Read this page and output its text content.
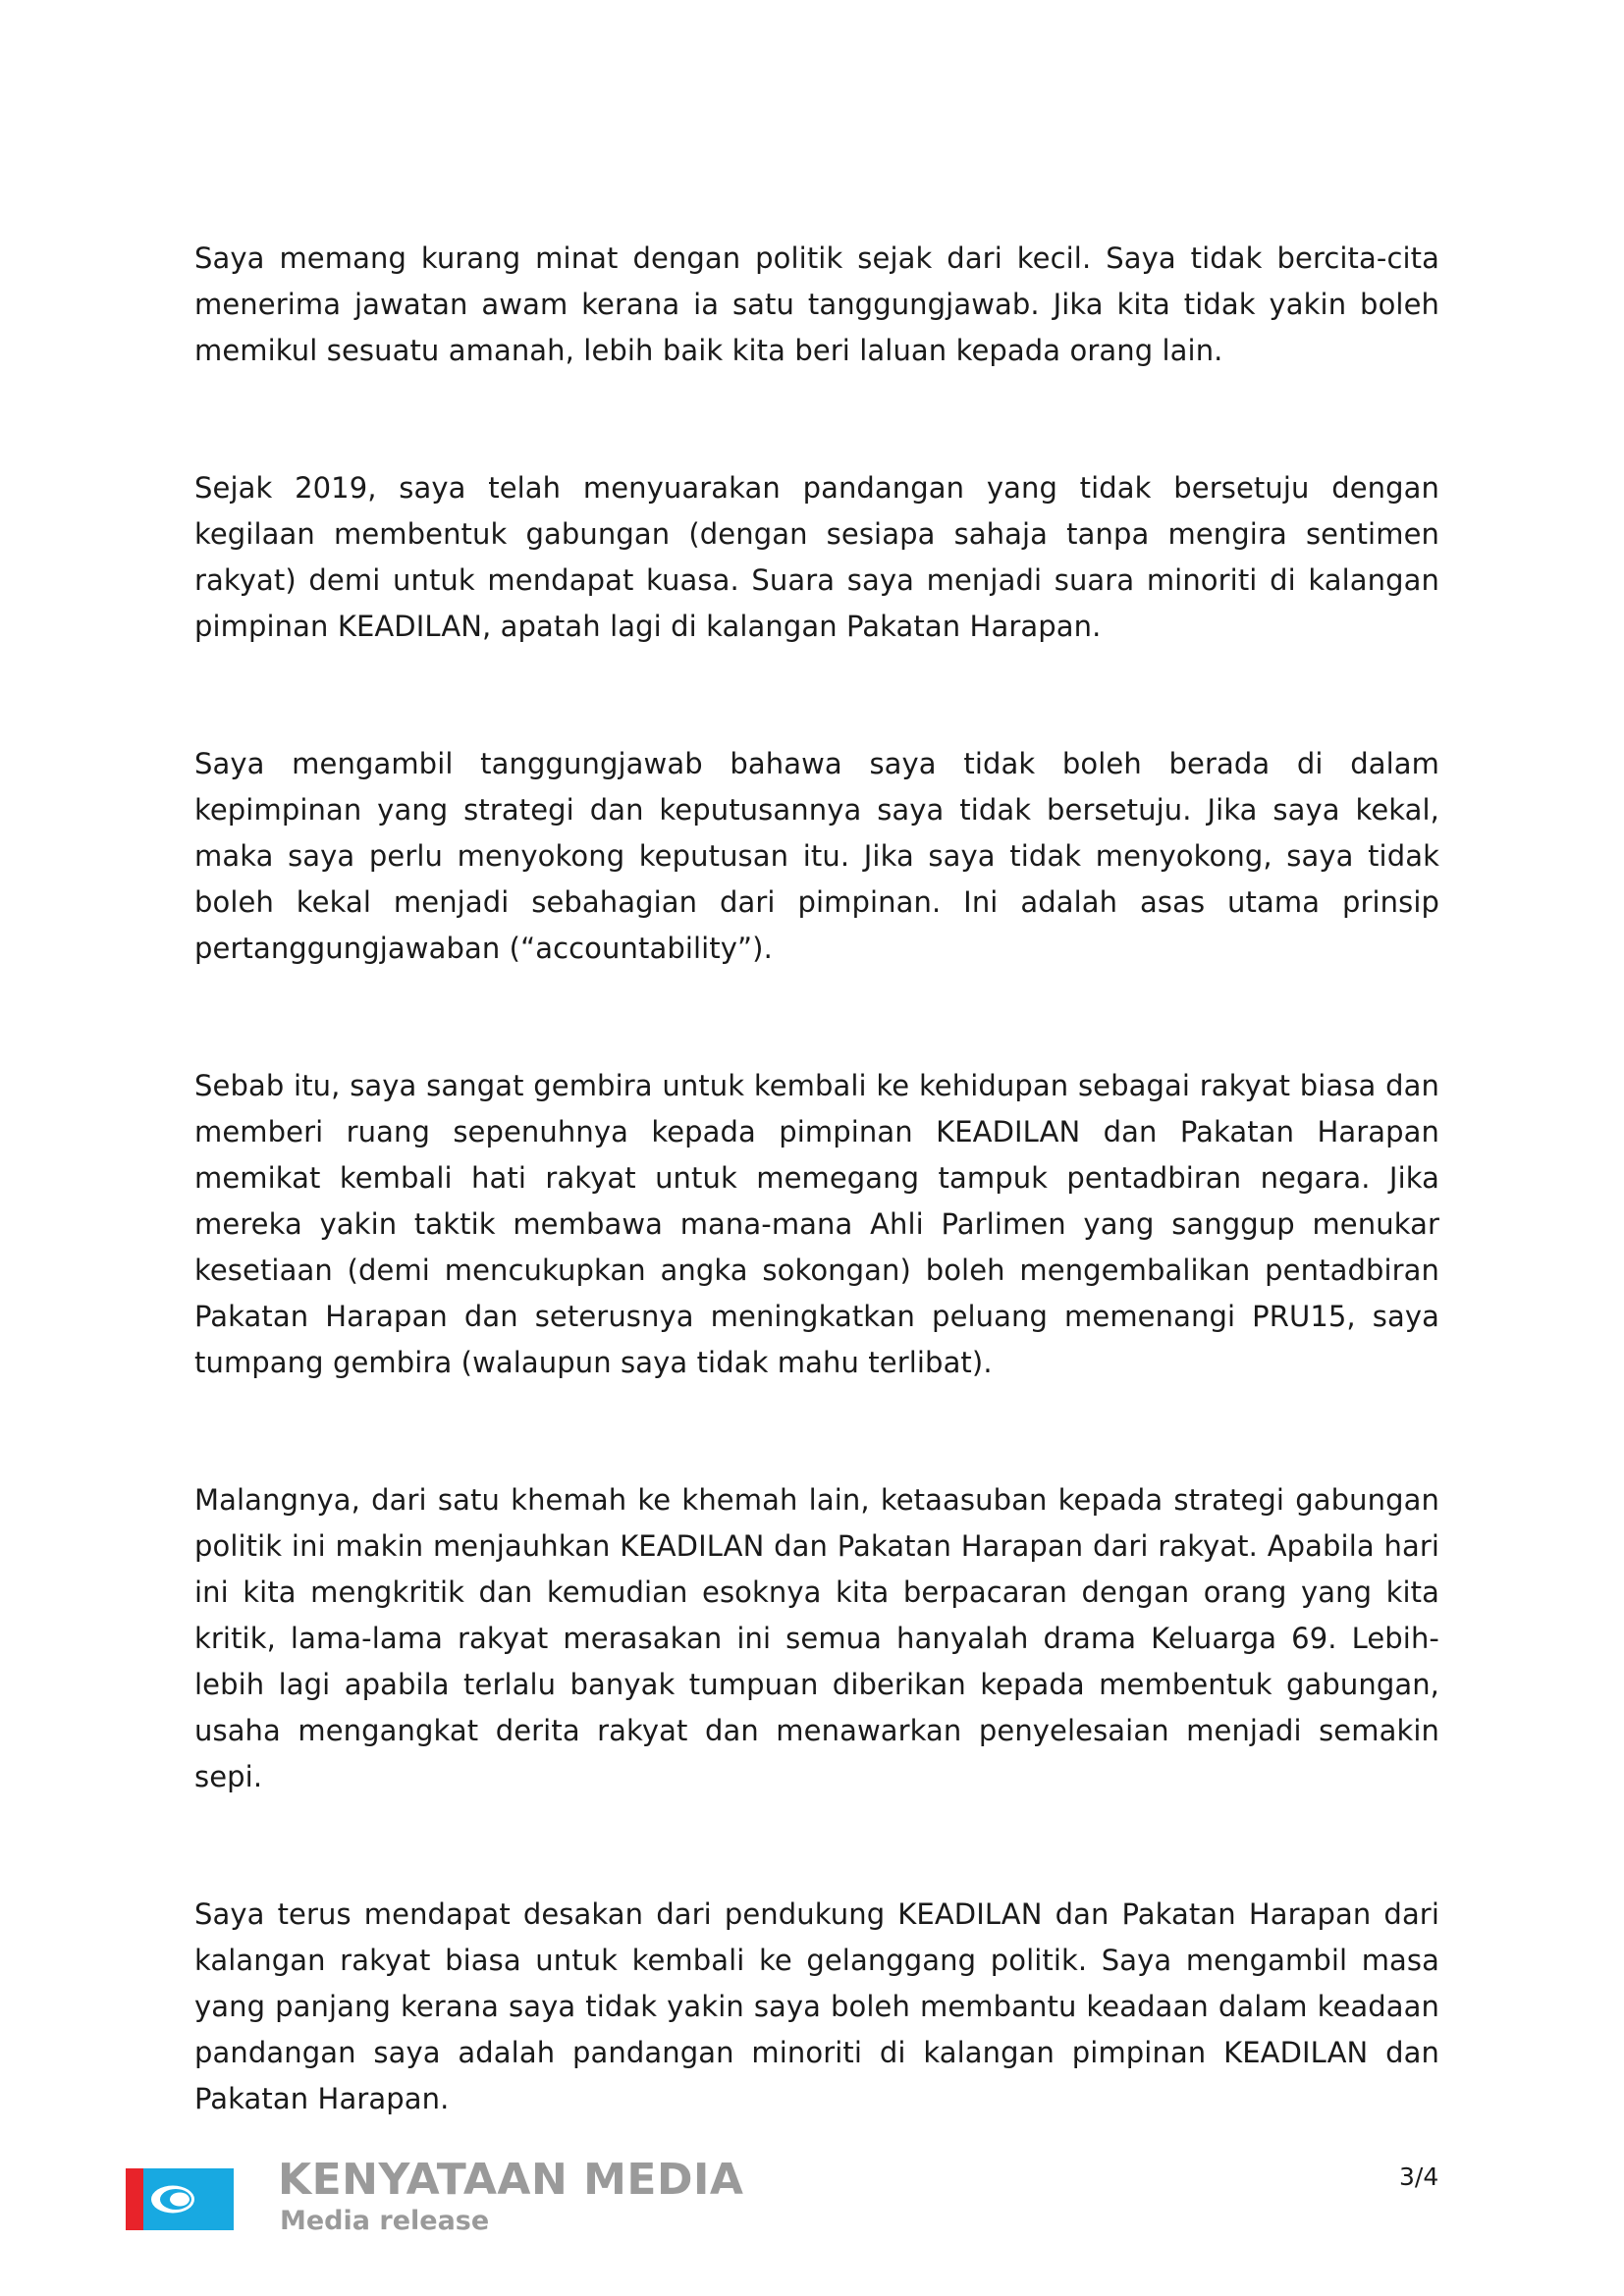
Saya memang kurang minat dengan politik sejak dari kecil. Saya tidak bercita-cita menerima jawatan awam kerana ia satu tanggungjawab. Jika kita tidak yakin boleh memikul sesuatu amanah, lebih baik kita beri laluan kepada orang lain.

Sejak 2019, saya telah menyuarakan pandangan yang tidak bersetuju dengan kegilaan membentuk gabungan (dengan sesiapa sahaja tanpa mengira sentimen rakyat) demi untuk mendapat kuasa. Suara saya menjadi suara minoriti di kalangan pimpinan KEADILAN, apatah lagi di kalangan Pakatan Harapan.

Saya mengambil tanggungjawab bahawa saya tidak boleh berada di dalam kepimpinan yang strategi dan keputusannya saya tidak bersetuju. Jika saya kekal, maka saya perlu menyokong keputusan itu. Jika saya tidak menyokong, saya tidak boleh kekal menjadi sebahagian dari pimpinan. Ini adalah asas utama prinsip pertanggungjawaban (“accountability”).

Sebab itu, saya sangat gembira untuk kembali ke kehidupan sebagai rakyat biasa dan memberi ruang sepenuhnya kepada pimpinan KEADILAN dan Pakatan Harapan memikat kembali hati rakyat untuk memegang tampuk pentadbiran negara. Jika mereka yakin taktik membawa mana-mana Ahli Parlimen yang sanggup menukar kesetiaan (demi mencukupkan angka sokongan) boleh mengembalikan pentadbiran Pakatan Harapan dan seterusnya meningkatkan peluang memenangi PRU15, saya tumpang gembira (walaupun saya tidak mahu terlibat).

Malangnya, dari satu khemah ke khemah lain, ketaasuban kepada strategi gabungan politik ini makin menjauhkan KEADILAN dan Pakatan Harapan dari rakyat. Apabila hari ini kita mengkritik dan kemudian esoknya kita berpacaran dengan orang yang kita kritik, lama-lama rakyat merasakan ini semua hanyalah drama Keluarga 69. Lebih-lebih lagi apabila terlalu banyak tumpuan diberikan kepada membentuk gabungan, usaha mengangkat derita rakyat dan menawarkan penyelesaian menjadi semakin sepi.

Saya terus mendapat desakan dari pendukung KEADILAN dan Pakatan Harapan dari kalangan rakyat biasa untuk kembali ke gelanggang politik. Saya mengambil masa yang panjang kerana saya tidak yakin saya boleh membantu keadaan dalam keadaan pandangan saya adalah pandangan minoriti di kalangan pimpinan KEADILAN dan Pakatan Harapan.

KENYATAAN MEDIA
Media release
3/4
